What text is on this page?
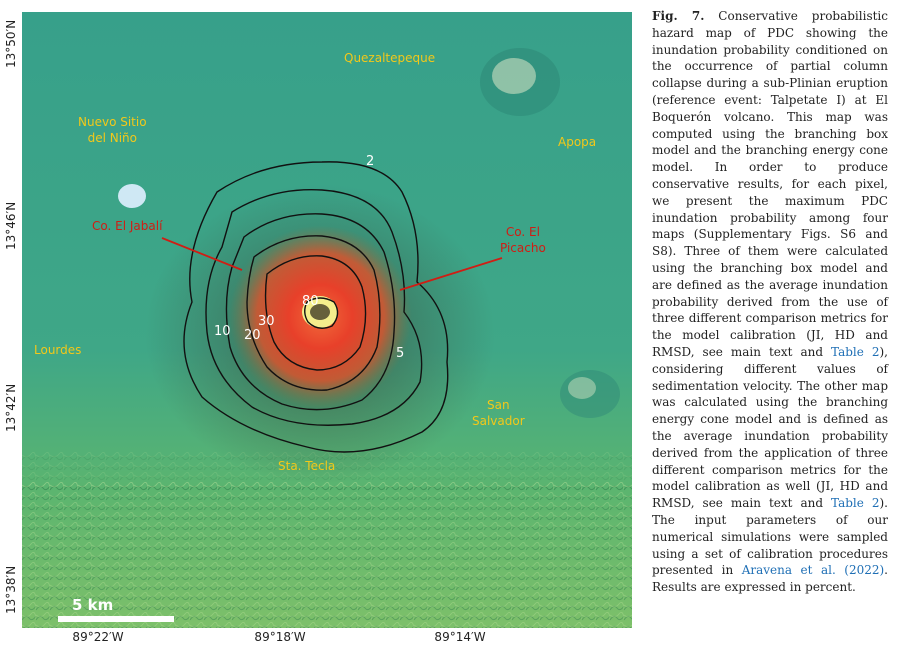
Quezaltepeque
Nuevo Sitio
del Niño	Apopa
Lourdes
San
Salvador
Sta. Tecla
Co. El Jabalí	Co. El
Picacho
2
5
10 20
30
80
5 km
13°50′N
13°46′N
13°42′N
13°38′N
89°22′W	89°18′W	89°14′W
Fig. 7. Conservative probabilistic hazard map of PDC showing the inundation probability conditioned on the occurrence of partial column collapse during a sub-Plinian eruption (reference event: Talpetate I) at El Boquerón volcano. This map was computed using the branching box model and the branching energy cone model. In order to produce conservative results, for each pixel, we present the maximum PDC inundation probability among four maps (Supplementary Figs. S6 and S8). Three of them were calculated using the branching box model and are defined as the average inundation probability derived from the use of three different comparison metrics for the model calibration (JI, HD and RMSD, see main text and Table 2), considering different values of sedimentation velocity. The other map was calculated using the branching energy cone model and is defined as the average inundation probability derived from the application of three different comparison metrics for the model calibration as well (JI, HD and RMSD, see main text and Table 2). The input parameters of our numerical simulations were sampled using a set of calibration procedures presented in Aravena et al. (2022). Results are expressed in percent.
